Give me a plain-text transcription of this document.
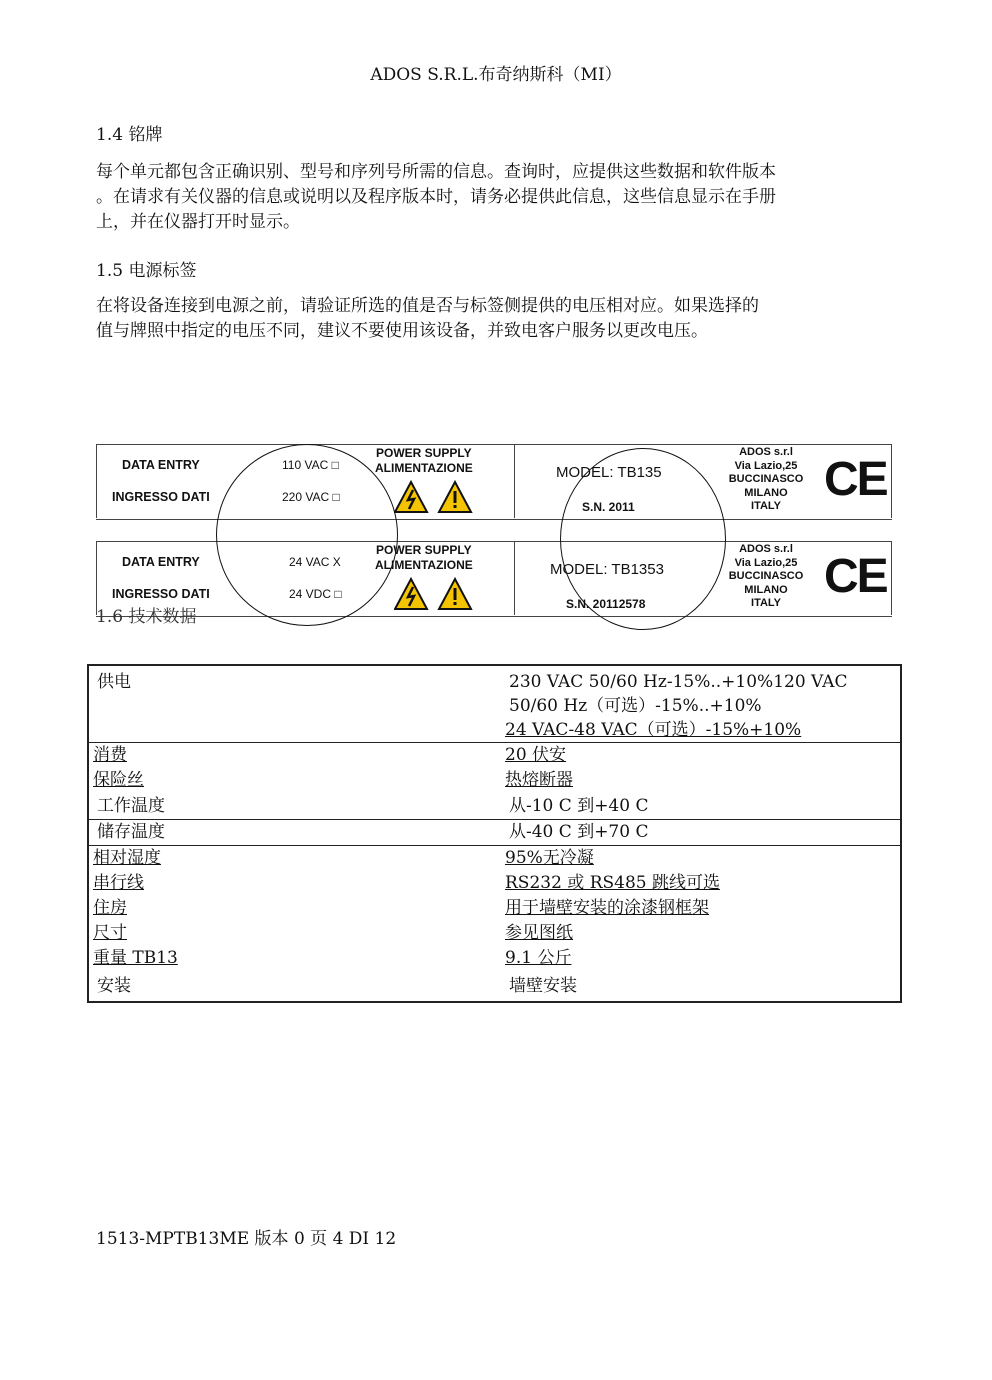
ADOS S.R.L.布奇纳斯科（MI）
1.4 铭牌
每个单元都包含正确识别、型号和序列号所需的信息。查询时，应提供这些数据和软件版本
。在请求有关仪器的信息或说明以及程序版本时，请务必提供此信息，这些信息显示在手册
上，并在仪器打开时显示。
1.5 电源标签
在将设备连接到电源之前，请验证所选的值是否与标签侧提供的电压相对应。如果选择的
值与牌照中指定的电压不同，建议不要使用该设备，并致电客户服务以更改电压。
DATA ENTRY
INGRESSO DATI
110 VAC □
220 VAC □
POWER SUPPLY
ALIMENTAZIONE	MODEL: TB135
S.N. 2011
ADOS s.r.l
Via Lazio,25
BUCCINASCO
MILANO
ITALY CE
DATA ENTRY
INGRESSO DATI
24 VAC X
24 VDC □
POWER SUPPLY
ALIMENTAZIONE	MODEL: TB1353
S.N. 20112578
ADOS s.r.l
Via Lazio,25
BUCCINASCO
MILANO
ITALY CE
1.6 技术数据
供电	230 VAC 50/60 Hz-15%..+10%120 VAC
50/60 Hz（可选）-15%..+10%
24 VAC-48 VAC（可选）-15%+10%

消费	20 伏安
保险丝	热熔断器
工作温度	从-10 C 到+40 C
储存温度	从-40 C 到+70 C
相对湿度	95%无冷凝
串行线	RS232 或 RS485 跳线可选
住房	用于墙壁安装的涂漆钢框架
尺寸	参见图纸
重量 TB13	9.1 公斤
安装	墙壁安装
1513-MPTB13ME 版本 0 页 4 DI 12
